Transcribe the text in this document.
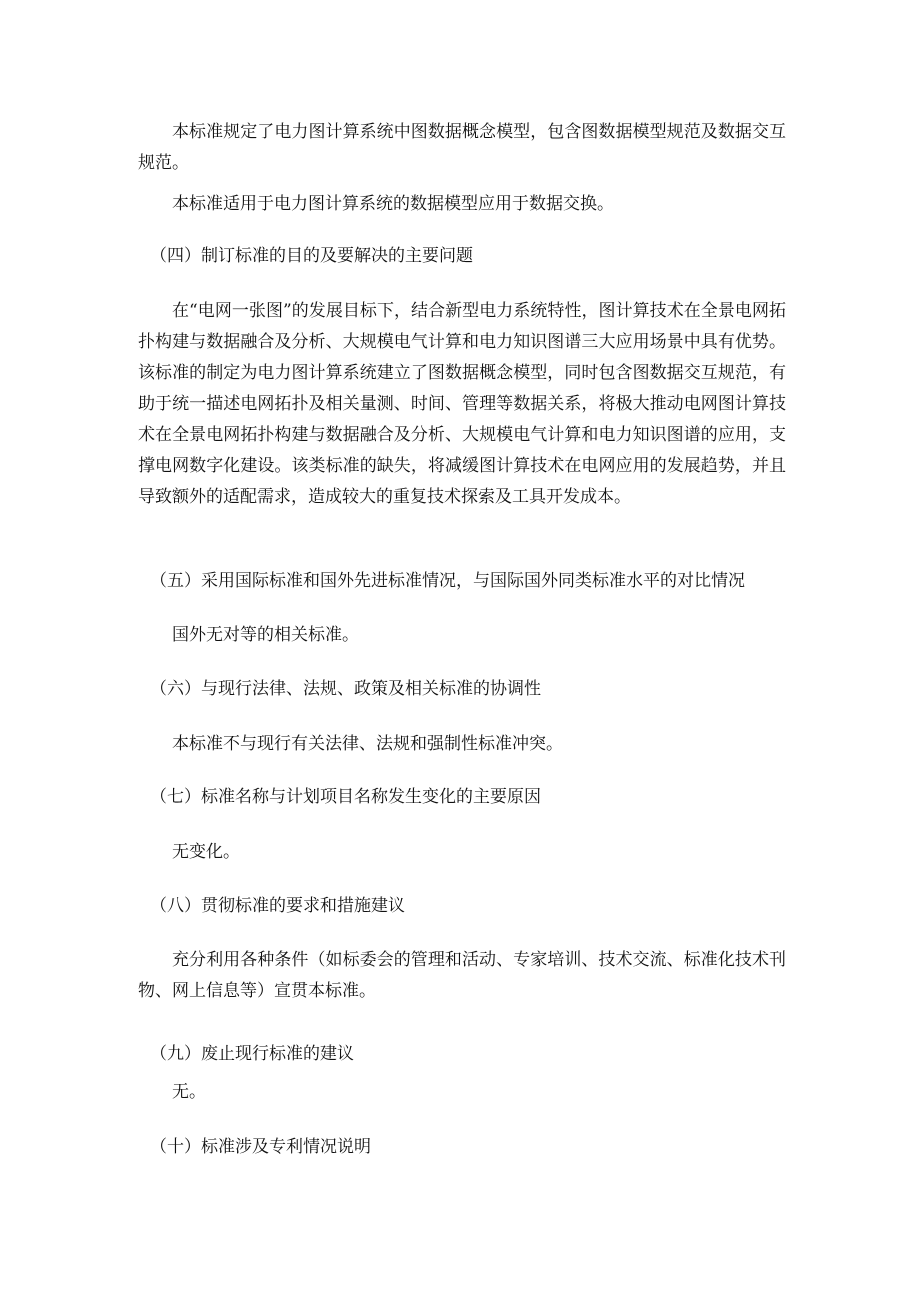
本标准规定了电力图计算系统中图数据概念模型，包含图数据模型规范及数据交互规范。

本标准适用于电力图计算系统的数据模型应用于数据交换。

（四）制订标准的目的及要解决的主要问题

在“电网一张图”的发展目标下，结合新型电力系统特性，图计算技术在全景电网拓扑构建与数据融合及分析、大规模电气计算和电力知识图谱三大应用场景中具有优势。该标准的制定为电力图计算系统建立了图数据概念模型，同时包含图数据交互规范，有助于统一描述电网拓扑及相关量测、时间、管理等数据关系，将极大推动电网图计算技术在全景电网拓扑构建与数据融合及分析、大规模电气计算和电力知识图谱的应用，支撑电网数字化建设。该类标准的缺失，将减缓图计算技术在电网应用的发展趋势，并且导致额外的适配需求，造成较大的重复技术探索及工具开发成本。

（五）采用国际标准和国外先进标准情况，与国际国外同类标准水平的对比情况

国外无对等的相关标准。

（六）与现行法律、法规、政策及相关标准的协调性

本标准不与现行有关法律、法规和强制性标准冲突。

（七）标准名称与计划项目名称发生变化的主要原因

无变化。

（八）贯彻标准的要求和措施建议

充分利用各种条件（如标委会的管理和活动、专家培训、技术交流、标准化技术刊物、网上信息等）宣贯本标准。

（九）废止现行标准的建议

无。

（十）标准涉及专利情况说明
